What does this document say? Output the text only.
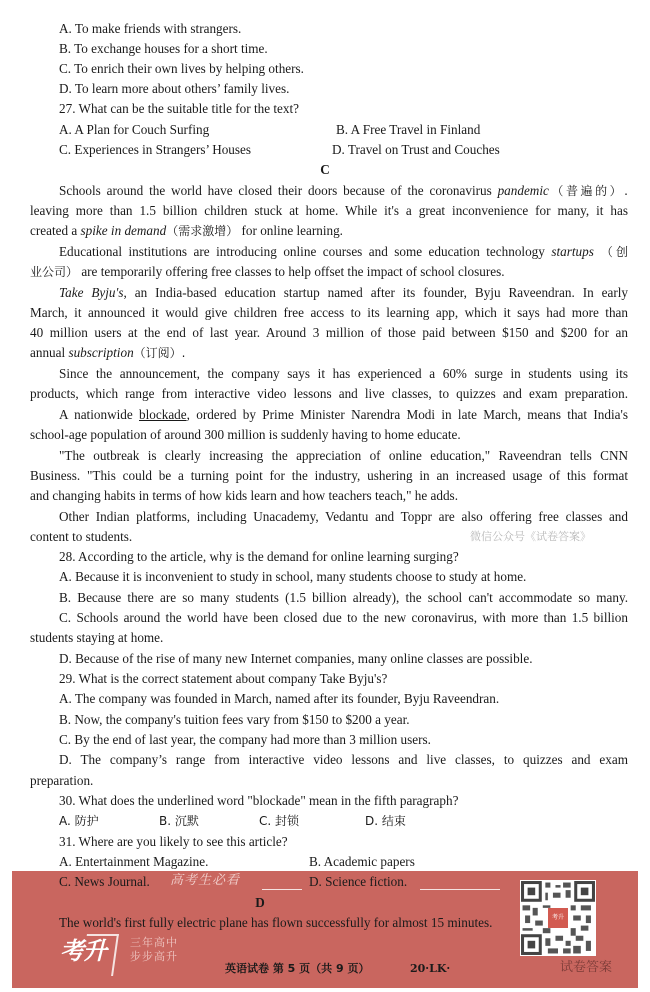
A. To make friends with strangers.
B. To exchange houses for a short time.
C. To enrich their own lives by helping others.
D. To learn more about others’ family lives.
27. What can be the suitable title for the text?
A. A Plan for Couch Surfing	B. A Free Travel in Finland
C. Experiences in Strangers’ Houses	D. Travel on Trust and Couches
C
Schools around the world have closed their doors because of the coronavirus pandemic（普遍的）.
leaving more than 1.5 billion children stuck at home. While it's a great inconvenience for many, it has
created a spike in demand（需求激增） for online learning.
Educational institutions are introducing online courses and some education technology startups （创
业公司） are temporarily offering free classes to help offset the impact of school closures.
Take Byju's, an India-based education startup named after its founder, Byju Raveendran. In early
March, it announced it would give children free access to its learning app, which it says had more than
40 million users at the end of last year. Around 3 million of those paid between $150 and $200 for an
annual subscription（订阅）.
Since the announcement, the company says it has experienced a 60% surge in students using its
products, which range from interactive video lessons and live classes, to quizzes and exam preparation.
A nationwide blockade, ordered by Prime Minister Narendra Modi in late March, means that India's
school-age population of around 300 million is suddenly having to home educate.
"The outbreak is clearly increasing the appreciation of online education," Raveendran tells CNN
Business. "This could be a turning point for the industry, ushering in an increased usage of this format
and changing habits in terms of how kids learn and how teachers teach," he adds.
Other Indian platforms, including Unacademy, Vedantu and Toppr are also offering free classes and
content to students.	微信公众号《试卷答案》
28. According to the article, why is the demand for online learning surging?
A. Because it is inconvenient to study in school, many students choose to study at home.
B. Because there are so many students (1.5 billion already), the school can't accommodate so many.
C. Schools around the world have been closed due to the new coronavirus, with more than 1.5 billion
students staying at home.
D. Because of the rise of many new Internet companies, many online classes are possible.
29. What is the correct statement about company Take Byju's?
A. The company was founded in March, named after its founder, Byju Raveendran.
B. Now, the company's tuition fees vary from $150 to $200 a year.
C. By the end of last year, the company had more than 3 million users.
D. The company’s range from interactive video lessons and live classes, to quizzes and exam
preparation.
30. What does the underlined word "blockade" mean in the fifth paragraph?
A. 防护	B. 沉默	C. 封锁	D. 结束
31. Where are you likely to see this article?
A. Entertainment Magazine.	B. Academic papers
C. News Journal. 高考生必看	D. Science fiction.
D
The world's first fully electric plane has flown successfully for almost 15 minutes.
考升 三年高中
步步高升
考升
英语试卷 第 5 页（共 9 页）	20·LK·	试卷答案
